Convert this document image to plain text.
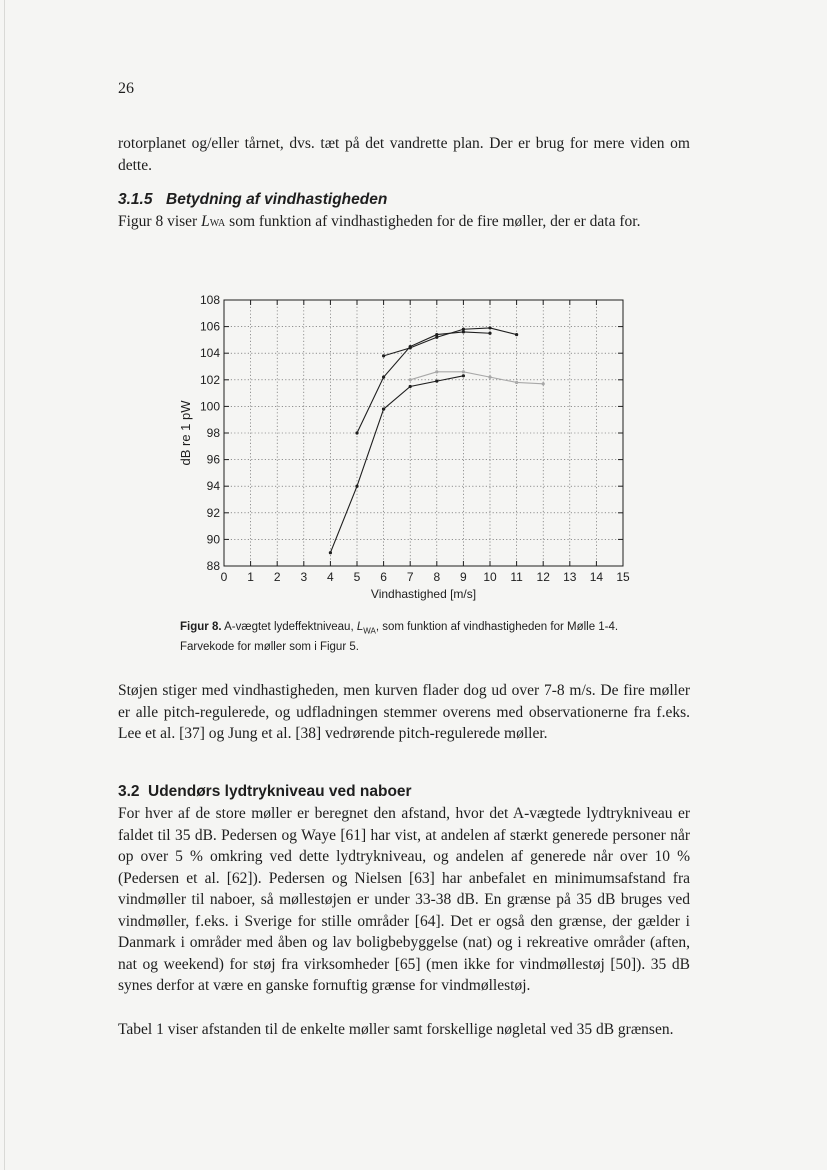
26

rotorplanet og/eller tårnet, dvs. tæt på det vandrette plan. Der er brug for mere viden om dette.

3.1.5 Betydning af vindhastigheden

Figur 8 viser LWA som funktion af vindhastigheden for de fire møller, der er data for.

0 1 2 3 4 5 6 7 8 9 10 11 12 13 14 15
88
90
92
94
96
98
100
102
104
106
108
Vindhastighed [m/s]
dB re 1 pW

Figur 8. A-vægtet lydeffektniveau, $L_{WA}$, som funktion af vindhastigheden for Mølle 1-4. Farvekode for møller som i Figur 5.

Støjen stiger med vindhastigheden, men kurven flader dog ud over 7-8 m/s. De fire møller er alle pitch-regulerede, og udfladningen stemmer overens med observationerne fra f.eks. Lee et al. [37] og Jung et al. [38] vedrørende pitch-regulerede møller.

3.2 Udendørs lydtrykniveau ved naboer

For hver af de store møller er beregnet den afstand, hvor det A-vægtede lydtrykniveau er faldet til 35 dB. Pedersen og Waye [61] har vist, at andelen af stærkt generede personer når op over 5 % omkring ved dette lydtrykniveau, og andelen af generede når over 10 % (Pedersen et al. [62]). Pedersen og Nielsen [63] har anbefalet en minimumsafstand fra vindmøller til naboer, så møllestøjen er under 33-38 dB. En grænse på 35 dB bruges ved vindmøller, f.eks. i Sverige for stille områder [64]. Det er også den grænse, der gælder i Danmark i områder med åben og lav boligbebyggelse (nat) og i rekreative områder (aften, nat og weekend) for støj fra virksomheder [65] (men ikke for vindmøllestøj [50]). 35 dB synes derfor at være en ganske fornuftig grænse for vindmøllestøj.

Tabel 1 viser afstanden til de enkelte møller samt forskellige nøgletal ved 35 dB grænsen.
